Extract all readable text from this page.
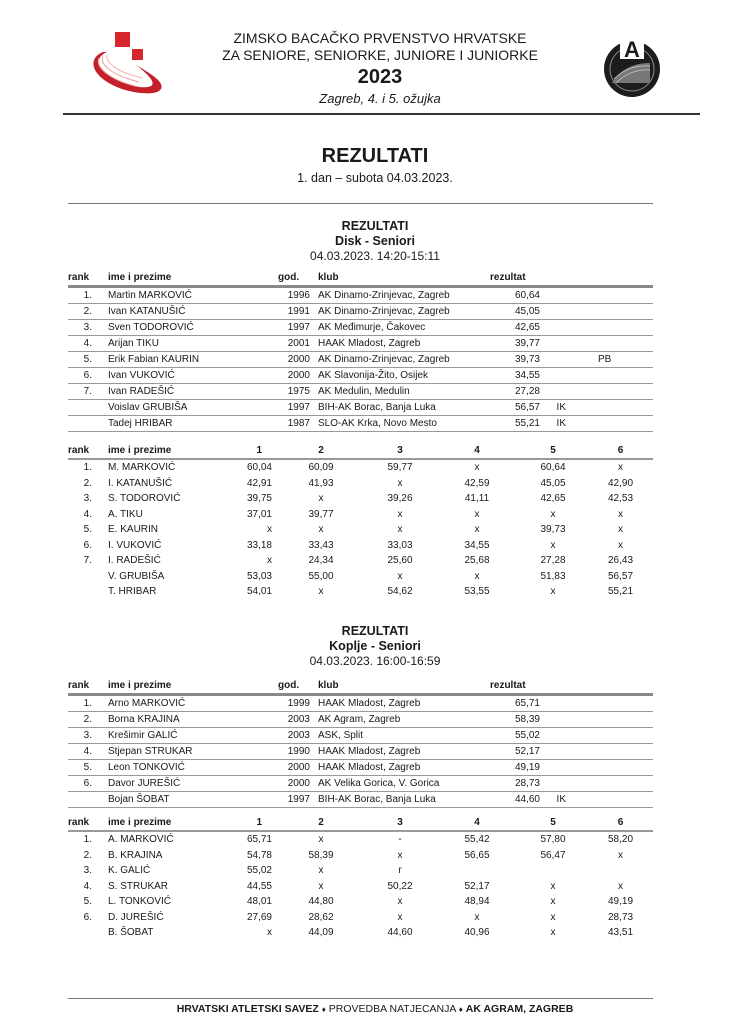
ZIMSKO BACAČKO PRVENSTVO HRVATSKE
ZA SENIORE, SENIORKE, JUNIORE I JUNIORKE
2023
Zagreb, 4. i 5. ožujka
A
REZULTATI
1. dan – subota 04.03.2023.
REZULTATI
Disk - Seniori
04.03.2023. 14:20-15:11
rank	ime i prezime	god.	klub	rezultat		
1.	Martin MARKOVIĆ	1996	AK Dinamo-Zrinjevac, Zagreb	60,64		
2.	Ivan KATANUŠIĆ	1991	AK Dinamo-Zrinjevac, Zagreb	45,05		
3.	Sven TODOROVIĆ	1997	AK Međimurje, Čakovec	42,65		
4.	Arijan TIKU	2001	HAAK Mladost, Zagreb	39,77		
5.	Erik Fabian KAURIN	2000	AK Dinamo-Zrinjevac, Zagreb	39,73		PB
6.	Ivan VUKOVIĆ	2000	AK Slavonija-Žito, Osijek	34,55		
7.	Ivan RADEŠIĆ	1975	AK Medulin, Medulin	27,28		
	Voislav GRUBIŠA	1997	BIH-AK Borac, Banja Luka	56,57	IK	
	Tadej HRIBAR	1987	SLO-AK Krka, Novo Mesto	55,21	IK	
rank	ime i prezime	1	2	3	4	5	6
1.	M. MARKOVIĆ	60,04	60,09	59,77	x	60,64	x
2.	I. KATANUŠIĆ	42,91	41,93	x	42,59	45,05	42,90
3.	S. TODOROVIĆ	39,75	x	39,26	41,11	42,65	42,53
4.	A. TIKU	37,01	39,77	x	x	x	x
5.	E. KAURIN	x	x	x	x	39,73	x
6.	I. VUKOVIĆ	33,18	33,43	33,03	34,55	x	x
7.	I. RADEŠIĆ	x	24,34	25,60	25,68	27,28	26,43
	V. GRUBIŠA	53,03	55,00	x	x	51,83	56,57
	T. HRIBAR	54,01	x	54,62	53,55	x	55,21
REZULTATI
Koplje - Seniori
04.03.2023. 16:00-16:59
rank	ime i prezime	god.	klub	rezultat		
1.	Arno MARKOVIĆ	1999	HAAK Mladost, Zagreb	65,71		
2.	Borna KRAJINA	2003	AK Agram, Zagreb	58,39		
3.	Krešimir GALIĆ	2003	ASK, Split	55,02		
4.	Stjepan STRUKAR	1990	HAAK Mladost, Zagreb	52,17		
5.	Leon TONKOVIĆ	2000	HAAK Mladost, Zagreb	49,19		
6.	Davor JUREŠIĆ	2000	AK Velika Gorica, V. Gorica	28,73		
	Bojan ŠOBAT	1997	BIH-AK Borac, Banja Luka	44,60	IK	
rank	ime i prezime	1	2	3	4	5	6
1.	A. MARKOVIĆ	65,71	x	-	55,42	57,80	58,20
2.	B. KRAJINA	54,78	58,39	x	56,65	56,47	x
3.	K. GALIĆ	55,02	x	r			
4.	S. STRUKAR	44,55	x	50,22	52,17	x	x
5.	L. TONKOVIĆ	48,01	44,80	x	48,94	x	49,19
6.	D. JUREŠIĆ	27,69	28,62	x	x	x	28,73
	B. ŠOBAT	x	44,09	44,60	40,96	x	43,51
HRVATSKI ATLETSKI SAVEZ ♦ PROVEDBA NATJECANJA ♦ AK AGRAM, ZAGREB
